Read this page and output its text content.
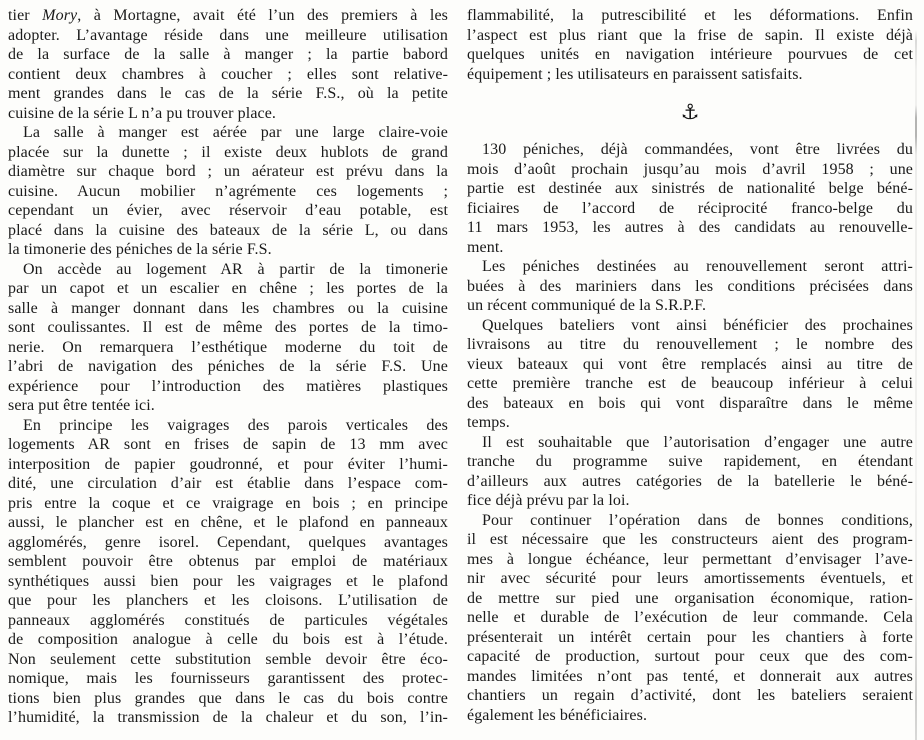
tier Mory, à Mortagne, avait été l’un des premiers à les
adopter. L’avantage réside dans une meilleure utilisation
de la surface de la salle à manger ; la partie babord
contient deux chambres à coucher ; elles sont relative-
ment grandes dans le cas de la série F.S., où la petite
cuisine de la série L n’a pu trouver place.
La salle à manger est aérée par une large claire-voie
placée sur la dunette ; il existe deux hublots de grand
diamètre sur chaque bord ; un aérateur est prévu dans la
cuisine. Aucun mobilier n’agrémente ces logements ;
cependant un évier, avec réservoir d’eau potable, est
placé dans la cuisine des bateaux de la série L, ou dans
la timonerie des péniches de la série F.S.
On accède au logement AR à partir de la timonerie
par un capot et un escalier en chêne ; les portes de la
salle à manger donnant dans les chambres ou la cuisine
sont coulissantes. Il est de même des portes de la timo-
nerie. On remarquera l’esthétique moderne du toit de
l’abri de navigation des péniches de la série F.S. Une
expérience pour l’introduction des matières plastiques
sera put être tentée ici.
En principe les vaigrages des parois verticales des
logements AR sont en frises de sapin de 13 mm avec
interposition de papier goudronné, et pour éviter l’humi-
dité, une circulation d’air est établie dans l’espace com-
pris entre la coque et ce vraigrage en bois ; en principe
aussi, le plancher est en chêne, et le plafond en panneaux
agglomérés, genre isorel. Cependant, quelques avantages
semblent pouvoir être obtenus par emploi de matériaux
synthétiques aussi bien pour les vaigrages et le plafond
que pour les planchers et les cloisons. L’utilisation de
panneaux agglomérés constitués de particules végétales
de composition analogue à celle du bois est à l’étude.
Non seulement cette substitution semble devoir être éco-
nomique, mais les fournisseurs garantissent des protec-
tions bien plus grandes que dans le cas du bois contre
l’humidité, la transmission de la chaleur et du son, l’in-
flammabilité, la putrescibilité et les déformations. Enfin
l’aspect est plus riant que la frise de sapin. Il existe déjà
quelques unités en navigation intérieure pourvues de cet
équipement ; les utilisateurs en paraissent satisfaits.
⚓
130 péniches, déjà commandées, vont être livrées du
mois d’août prochain jusqu’au mois d’avril 1958 ; une
partie est destinée aux sinistrés de nationalité belge béné-
ficiaires de l’accord de réciprocité franco-belge du
11 mars 1953, les autres à des candidats au renouvelle-
ment.
Les péniches destinées au renouvellement seront attri-
buées à des mariniers dans les conditions précisées dans
un récent communiqué de la S.R.P.F.
Quelques bateliers vont ainsi bénéficier des prochaines
livraisons au titre du renouvellement ; le nombre des
vieux bateaux qui vont être remplacés ainsi au titre de
cette première tranche est de beaucoup inférieur à celui
des bateaux en bois qui vont disparaître dans le même
temps.
Il est souhaitable que l’autorisation d’engager une autre
tranche du programme suive rapidement, en étendant
d’ailleurs aux autres catégories de la batellerie le béné-
fice déjà prévu par la loi.
Pour continuer l’opération dans de bonnes conditions,
il est nécessaire que les constructeurs aient des program-
mes à longue échéance, leur permettant d’envisager l’ave-
nir avec sécurité pour leurs amortissements éventuels, et
de mettre sur pied une organisation économique, ration-
nelle et durable de l’exécution de leur commande. Cela
présenterait un intérêt certain pour les chantiers à forte
capacité de production, surtout pour ceux que des com-
mandes limitées n’ont pas tenté, et donnerait aux autres
chantiers un regain d’activité, dont les bateliers seraient
également les bénéficiaires.
